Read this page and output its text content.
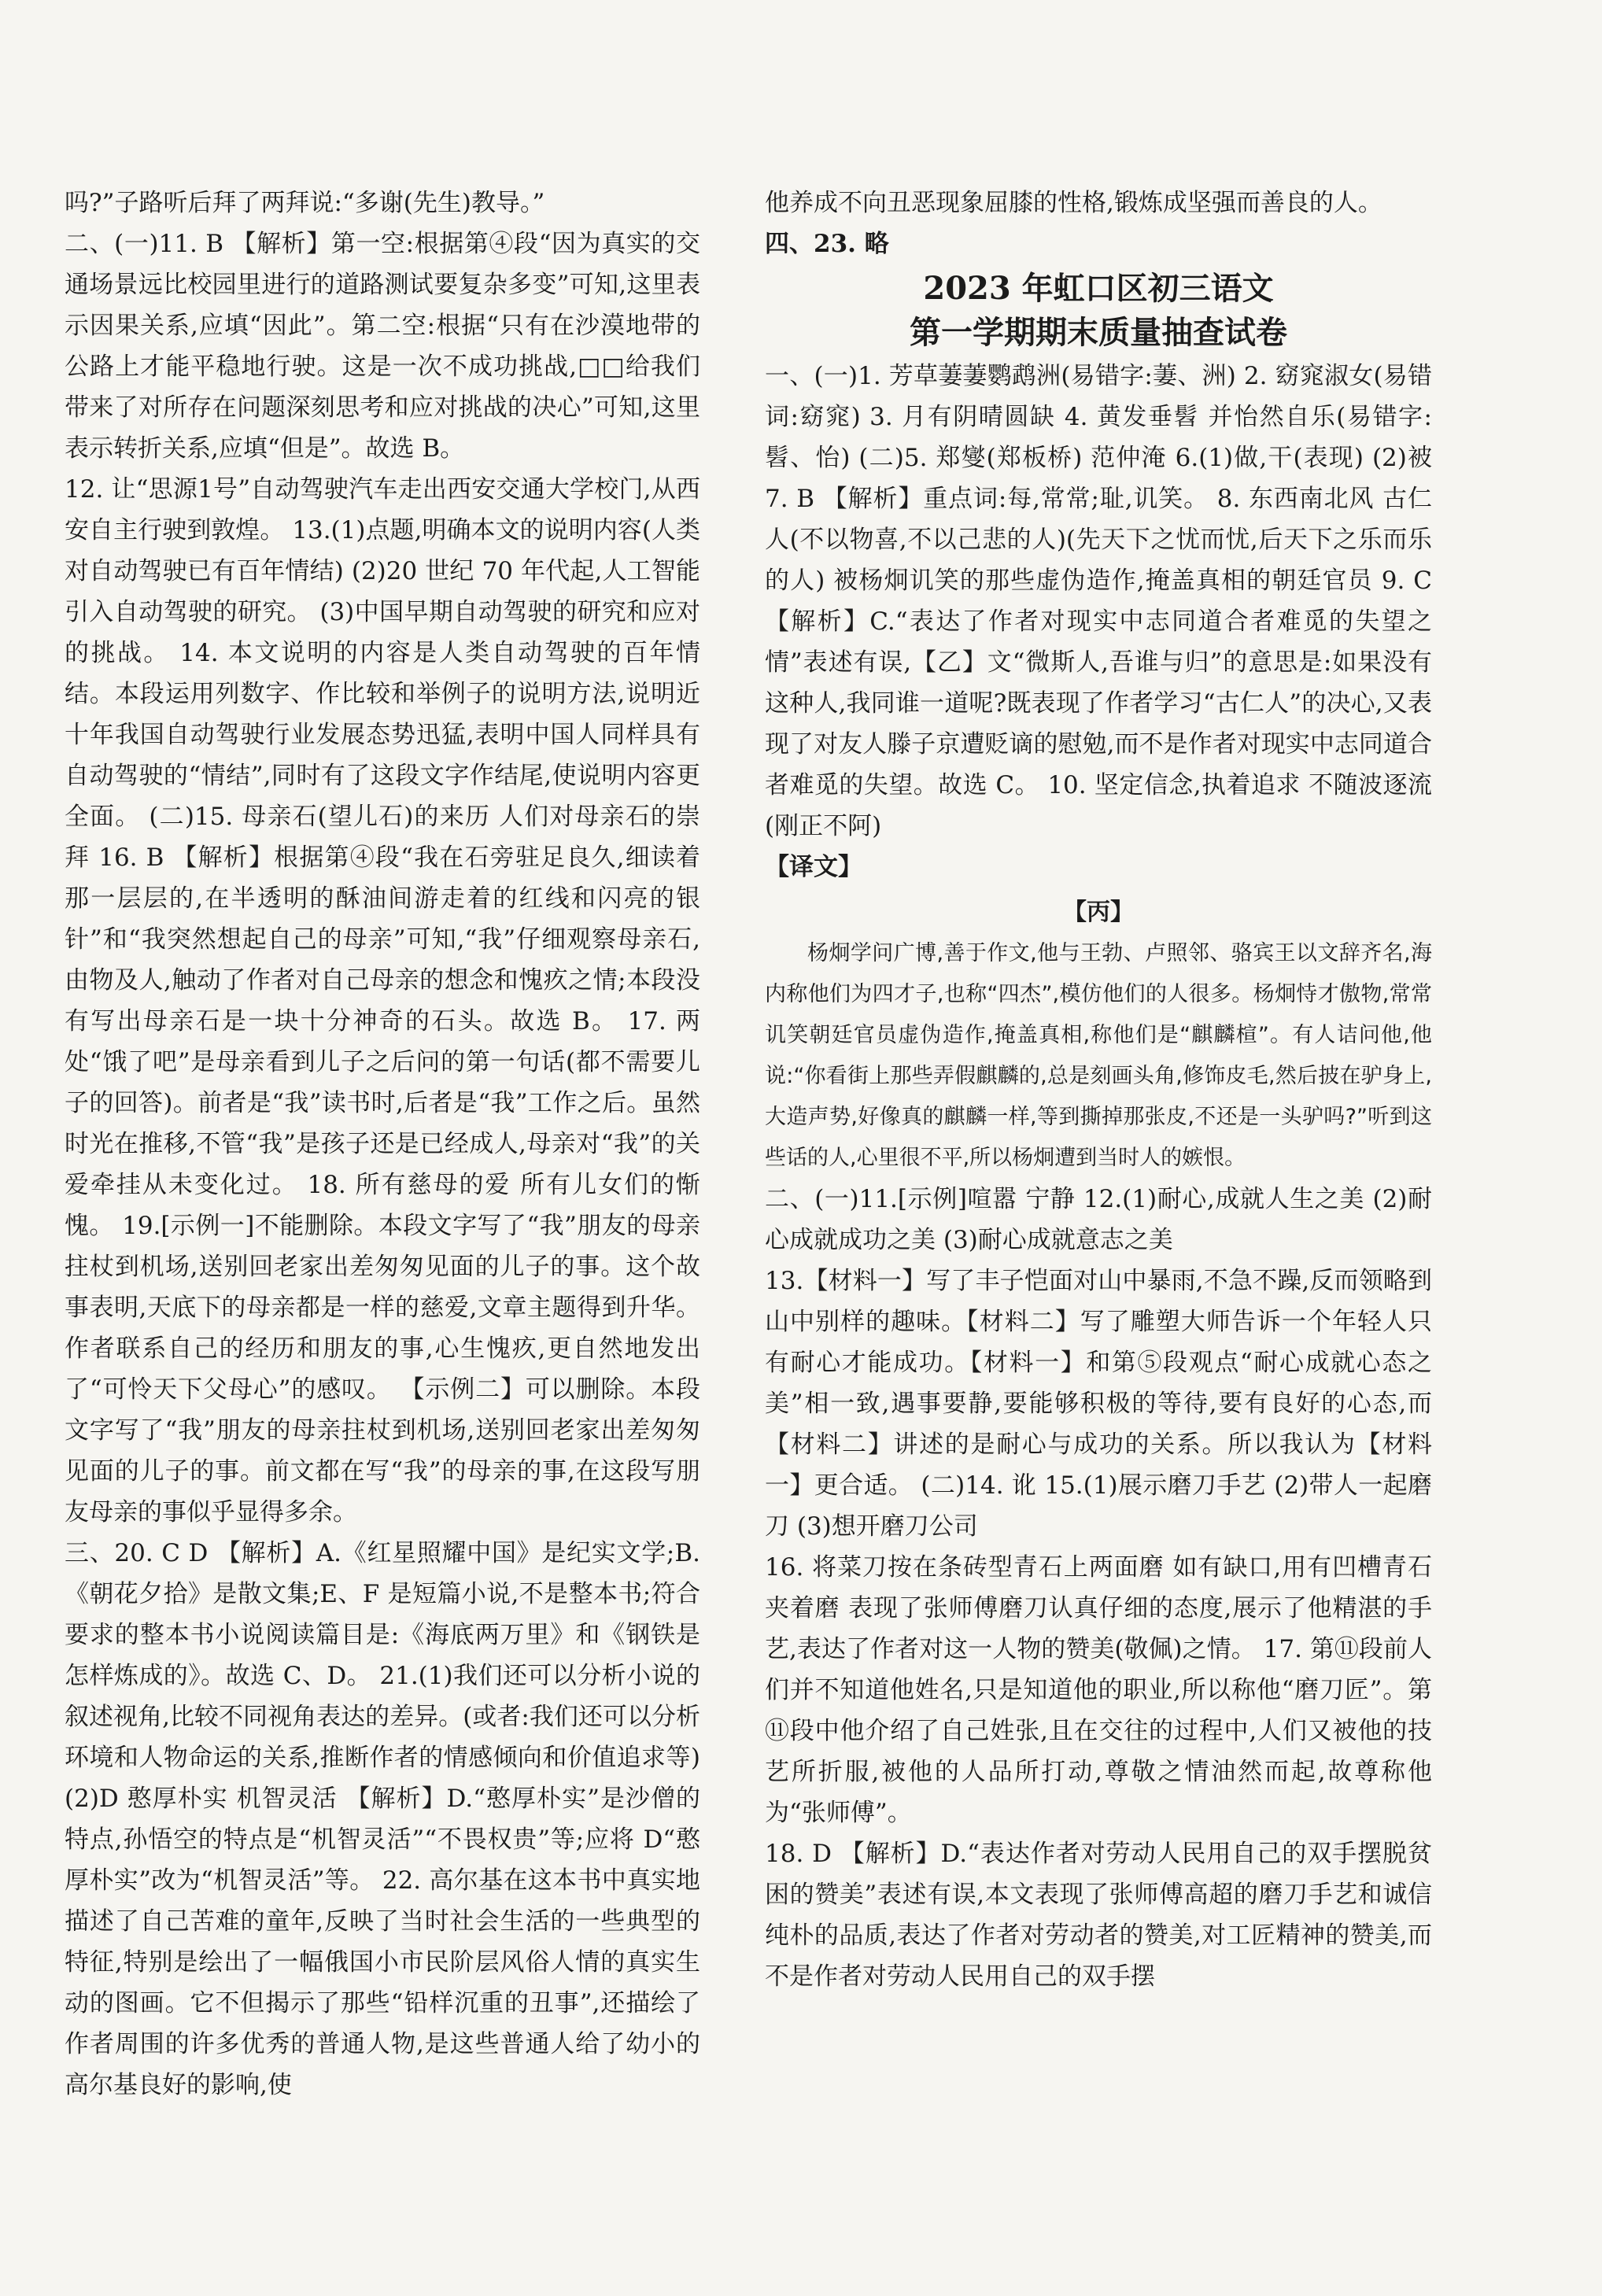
吗?”子路听后拜了两拜说:“多谢(先生)教导。”

二、(一)11. B 【解析】第一空:根据第④段“因为真实的交通场景远比校园里进行的道路测试要复杂多变”可知,这里表示因果关系,应填“因此”。第二空:根据“只有在沙漠地带的公路上才能平稳地行驶。这是一次不成功挑战,□□给我们带来了对所存在问题深刻思考和应对挑战的决心”可知,这里表示转折关系,应填“但是”。故选 B。

12. 让“思源1号”自动驾驶汽车走出西安交通大学校门,从西安自主行驶到敦煌。 13.(1)点题,明确本文的说明内容(人类对自动驾驶已有百年情结) (2)20 世纪 70 年代起,人工智能引入自动驾驶的研究。 (3)中国早期自动驾驶的研究和应对的挑战。 14. 本文说明的内容是人类自动驾驶的百年情结。本段运用列数字、作比较和举例子的说明方法,说明近十年我国自动驾驶行业发展态势迅猛,表明中国人同样具有自动驾驶的“情结”,同时有了这段文字作结尾,使说明内容更全面。 (二)15. 母亲石(望儿石)的来历 人们对母亲石的崇拜 16. B 【解析】根据第④段“我在石旁驻足良久,细读着那一层层的,在半透明的酥油间游走着的红线和闪亮的银针”和“我突然想起自己的母亲”可知,“我”仔细观察母亲石,由物及人,触动了作者对自己母亲的想念和愧疚之情;本段没有写出母亲石是一块十分神奇的石头。故选 B。 17. 两处“饿了吧”是母亲看到儿子之后问的第一句话(都不需要儿子的回答)。前者是“我”读书时,后者是“我”工作之后。虽然时光在推移,不管“我”是孩子还是已经成人,母亲对“我”的关爱牵挂从未变化过。 18. 所有慈母的爱 所有儿女们的惭愧。 19.[示例一]不能删除。本段文字写了“我”朋友的母亲拄杖到机场,送别回老家出差匆匆见面的儿子的事。这个故事表明,天底下的母亲都是一样的慈爱,文章主题得到升华。作者联系自己的经历和朋友的事,心生愧疚,更自然地发出了“可怜天下父母心”的感叹。 【示例二】可以删除。本段文字写了“我”朋友的母亲拄杖到机场,送别回老家出差匆匆见面的儿子的事。前文都在写“我”的母亲的事,在这段写朋友母亲的事似乎显得多余。

三、20. C D 【解析】A.《红星照耀中国》是纪实文学;B.《朝花夕拾》是散文集;E、F 是短篇小说,不是整本书;符合要求的整本书小说阅读篇目是:《海底两万里》和《钢铁是怎样炼成的》。故选 C、D。 21.(1)我们还可以分析小说的叙述视角,比较不同视角表达的差异。(或者:我们还可以分析环境和人物命运的关系,推断作者的情感倾向和价值追求等) (2)D 憨厚朴实 机智灵活 【解析】D.“憨厚朴实”是沙僧的特点,孙悟空的特点是“机智灵活”“不畏权贵”等;应将 D“憨厚朴实”改为“机智灵活”等。 22. 高尔基在这本书中真实地描述了自己苦难的童年,反映了当时社会生活的一些典型的特征,特别是绘出了一幅俄国小市民阶层风俗人情的真实生动的图画。它不但揭示了那些“铅样沉重的丑事”,还描绘了作者周围的许多优秀的普通人物,是这些普通人给了幼小的高尔基良好的影响,使

他养成不向丑恶现象屈膝的性格,锻炼成坚强而善良的人。

四、23. 略

2023 年虹口区初三语文
第一学期期末质量抽查试卷

一、(一)1. 芳草萋萋鹦鹉洲(易错字:萋、洲) 2. 窈窕淑女(易错词:窈窕) 3. 月有阴晴圆缺 4. 黄发垂髫 并怡然自乐(易错字:髫、怡) (二)5. 郑燮(郑板桥) 范仲淹 6.(1)做,干(表现) (2)被 7. B 【解析】重点词:每,常常;耻,讥笑。 8. 东西南北风 古仁人(不以物喜,不以己悲的人)(先天下之忧而忧,后天下之乐而乐的人) 被杨炯讥笑的那些虚伪造作,掩盖真相的朝廷官员 9. C 【解析】C.“表达了作者对现实中志同道合者难觅的失望之情”表述有误,【乙】文“微斯人,吾谁与归”的意思是:如果没有这种人,我同谁一道呢?既表现了作者学习“古仁人”的决心,又表现了对友人滕子京遭贬谪的慰勉,而不是作者对现实中志同道合者难觅的失望。故选 C。 10. 坚定信念,执着追求 不随波逐流(刚正不阿)

【译文】

【丙】

杨炯学问广博,善于作文,他与王勃、卢照邻、骆宾王以文辞齐名,海内称他们为四才子,也称“四杰”,模仿他们的人很多。杨炯恃才傲物,常常讥笑朝廷官员虚伪造作,掩盖真相,称他们是“麒麟楦”。有人诘问他,他说:“你看街上那些弄假麒麟的,总是刻画头角,修饰皮毛,然后披在驴身上,大造声势,好像真的麒麟一样,等到撕掉那张皮,不还是一头驴吗?”听到这些话的人,心里很不平,所以杨炯遭到当时人的嫉恨。

二、(一)11.[示例]喧嚣 宁静 12.(1)耐心,成就人生之美 (2)耐心成就成功之美 (3)耐心成就意志之美

13.【材料一】写了丰子恺面对山中暴雨,不急不躁,反而领略到山中别样的趣味。【材料二】写了雕塑大师告诉一个年轻人只有耐心才能成功。【材料一】和第⑤段观点“耐心成就心态之美”相一致,遇事要静,要能够积极的等待,要有良好的心态,而【材料二】讲述的是耐心与成功的关系。所以我认为【材料一】更合适。 (二)14. 讹 15.(1)展示磨刀手艺 (2)带人一起磨刀 (3)想开磨刀公司

16. 将菜刀按在条砖型青石上两面磨 如有缺口,用有凹槽青石夹着磨 表现了张师傅磨刀认真仔细的态度,展示了他精湛的手艺,表达了作者对这一人物的赞美(敬佩)之情。 17. 第⑪段前人们并不知道他姓名,只是知道他的职业,所以称他“磨刀匠”。第⑪段中他介绍了自己姓张,且在交往的过程中,人们又被他的技艺所折服,被他的人品所打动,尊敬之情油然而起,故尊称他为“张师傅”。

18. D 【解析】D.“表达作者对劳动人民用自己的双手摆脱贫困的赞美”表述有误,本文表现了张师傅高超的磨刀手艺和诚信纯朴的品质,表达了作者对劳动者的赞美,对工匠精神的赞美,而不是作者对劳动人民用自己的双手摆
